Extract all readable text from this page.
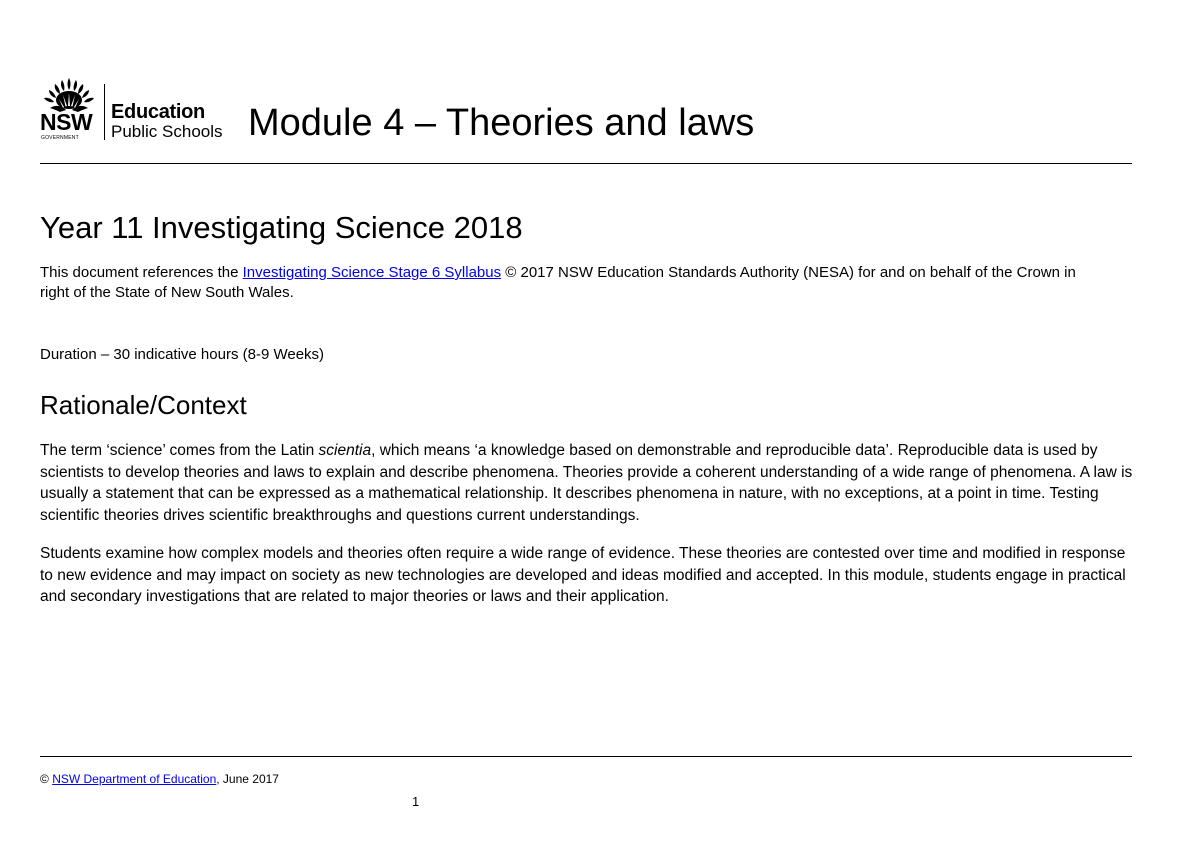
NSW
GOVERNMENT
Education
Public Schools Module 4 – Theories and laws
Year 11 Investigating Science 2018

This document references the Investigating Science Stage 6 Syllabus © 2017 NSW Education Standards Authority (NESA) for and on behalf of the Crown in right of the State of New South Wales.

Duration – 30 indicative hours (8-9 Weeks)

Rationale/Context

The term ‘science’ comes from the Latin scientia, which means ‘a knowledge based on demonstrable and reproducible data’. Reproducible data is used by scientists to develop theories and laws to explain and describe phenomena. Theories provide a coherent understanding of a wide range of phenomena. A law is usually a statement that can be expressed as a mathematical relationship. It describes phenomena in nature, with no exceptions, at a point in time. Testing scientific theories drives scientific breakthroughs and questions current understandings.

Students examine how complex models and theories often require a wide range of evidence. These theories are contested over time and modified in response to new evidence and may impact on society as new technologies are developed and ideas modified and accepted. In this module, students engage in practical and secondary investigations that are related to major theories or laws and their application.

© NSW Department of Education, June 2017

1
